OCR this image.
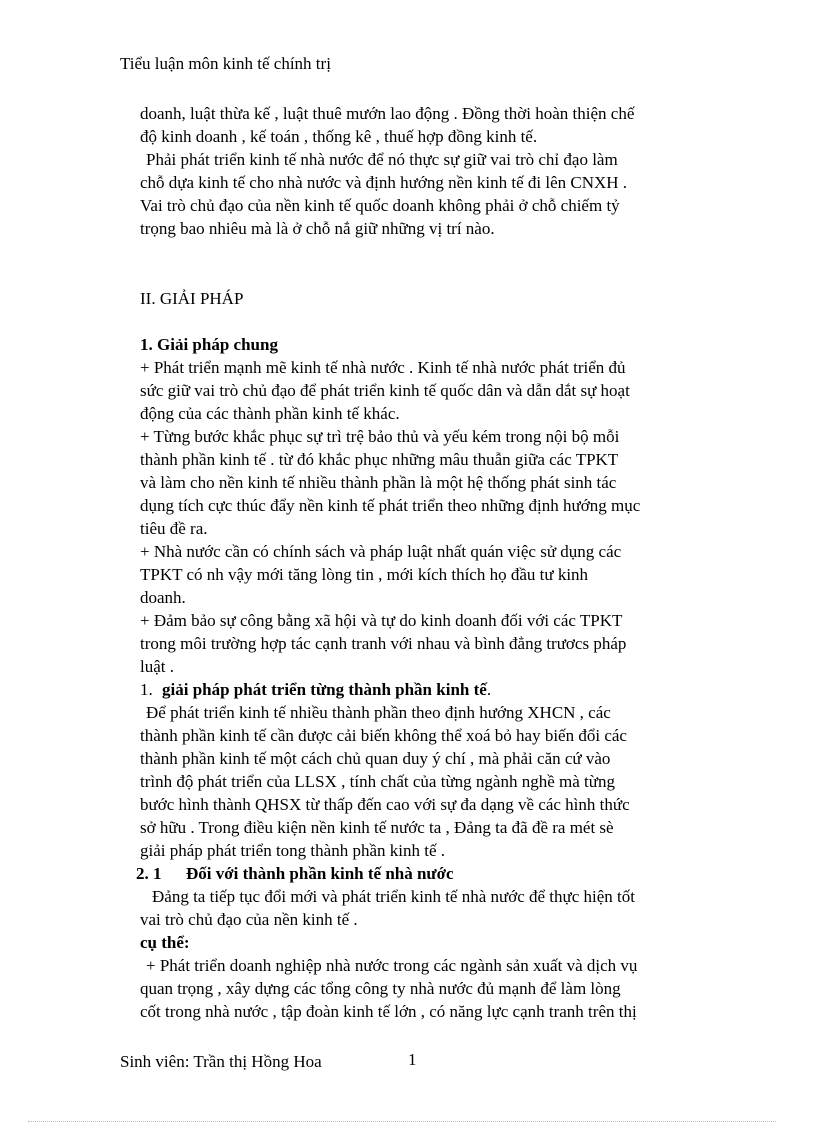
Tiểu luận môn kinh tế chính trị

doanh, luật thừa kế , luật thuê mướn lao động . Đồng thời hoàn thiện chế
độ kinh doanh , kế toán , thống kê , thuế hợp đồng kinh tế.
Phải phát triển kinh tế nhà nước để nó thực sự giữ vai trò chỉ đạo làm
chỗ dựa kinh tế cho nhà nước và định hướng nền kinh tế đi lên CNXH .
Vai trò chủ đạo của nền kinh tế quốc doanh không phải ở chỗ chiếm tỷ
trọng bao nhiêu mà là ở chỗ nắ giữ những vị trí nào.

II. GIẢI PHÁP

1. Giải pháp chung

+ Phát triển mạnh mẽ kinh tế nhà nước . Kinh tế nhà nước phát triển đủ
sức giữ vai trò chủ đạo để phát triển kinh tế quốc dân và dẫn dắt sự hoạt
động của các thành phần kinh tế khác.
+ Từng bước khắc phục sự trì trệ bảo thủ và yếu kém trong nội bộ mỗi
thành phần kinh tế . từ đó khắc phục những mâu thuẫn giữa các TPKT
và làm cho nền kinh tế nhiều thành phần là một hệ thống phát sinh tác
dụng tích cực thúc đẩy nền kinh tế phát triển theo những định hướng mục
tiêu đề ra.
+ Nhà nước cần có chính sách và pháp luật nhất quán việc sử dụng các
TPKT có nh vậy mới tăng lòng tin , mới kích thích họ đầu tư kinh
doanh.
+ Đảm bảo sự công bằng xã hội và tự do kinh doanh đối với các TPKT
trong môi trường hợp tác cạnh tranh với nhau và bình đẳng trươcs pháp
luật .

1. giải pháp phát triển từng thành phần kinh tế.

Để phát triển kinh tế nhiều thành phần theo định hướng XHCN , các
thành phần kinh tế cần được cải biến không thể xoá bỏ hay biến đổi các
thành phần kinh tế một cách chủ quan duy ý chí , mà phải căn cứ vào
trình độ phát triển của LLSX , tính chất của từng ngành nghề mà từng
bước hình thành QHSX từ thấp đến cao với sự đa dạng về các hình thức
sở hữu . Trong điều kiện nền kinh tế nước ta , Đảng ta đã đề ra mét sè
giải pháp phát triển tong thành phần kinh tế .

2. 1 Đối với thành phần kinh tế nhà nước

Đảng ta tiếp tục đổi mới và phát triển kinh tế nhà nước để thực hiện tốt
vai trò chủ đạo của nền kinh tế .

cụ thể:

+ Phát triển doanh nghiệp nhà nước trong các ngành sản xuất và dịch vụ
quan trọng , xây dựng các tổng công ty nhà nước đủ mạnh để làm lòng
cốt trong nhà nước , tập đoàn kinh tế lớn , có năng lực cạnh tranh trên thị

Sinh viên: Trần thị Hồng Hoa	1
